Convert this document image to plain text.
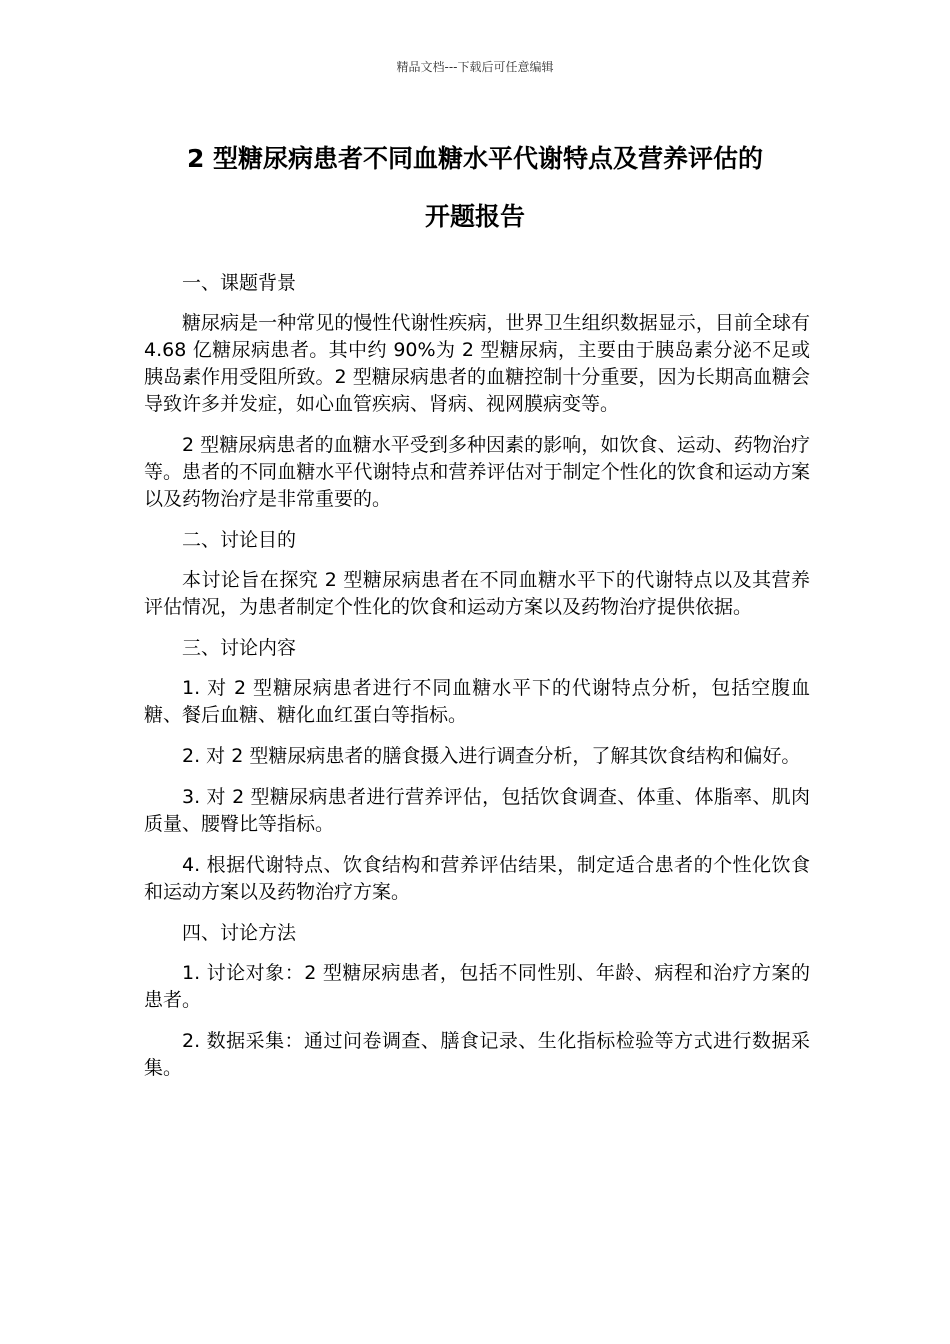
精品文档---下载后可任意编辑
2 型糖尿病患者不同血糖水平代谢特点及营养评估的
开题报告

一、课题背景

糖尿病是一种常见的慢性代谢性疾病，世界卫生组织数据显示，目前全球有 4.68 亿糖尿病患者。其中约 90%为 2 型糖尿病，主要由于胰岛素分泌不足或胰岛素作用受阻所致。2 型糖尿病患者的血糖控制十分重要，因为长期高血糖会导致许多并发症，如心血管疾病、肾病、视网膜病变等。

2 型糖尿病患者的血糖水平受到多种因素的影响，如饮食、运动、药物治疗等。患者的不同血糖水平代谢特点和营养评估对于制定个性化的饮食和运动方案以及药物治疗是非常重要的。

二、讨论目的

本讨论旨在探究 2 型糖尿病患者在不同血糖水平下的代谢特点以及其营养评估情况，为患者制定个性化的饮食和运动方案以及药物治疗提供依据。

三、讨论内容

1. 对 2 型糖尿病患者进行不同血糖水平下的代谢特点分析，包括空腹血糖、餐后血糖、糖化血红蛋白等指标。

2. 对 2 型糖尿病患者的膳食摄入进行调查分析，了解其饮食结构和偏好。

3. 对 2 型糖尿病患者进行营养评估，包括饮食调查、体重、体脂率、肌肉质量、腰臀比等指标。

4. 根据代谢特点、饮食结构和营养评估结果，制定适合患者的个性化饮食和运动方案以及药物治疗方案。

四、讨论方法

1. 讨论对象：2 型糖尿病患者，包括不同性别、年龄、病程和治疗方案的患者。

2. 数据采集：通过问卷调查、膳食记录、生化指标检验等方式进行数据采集。
